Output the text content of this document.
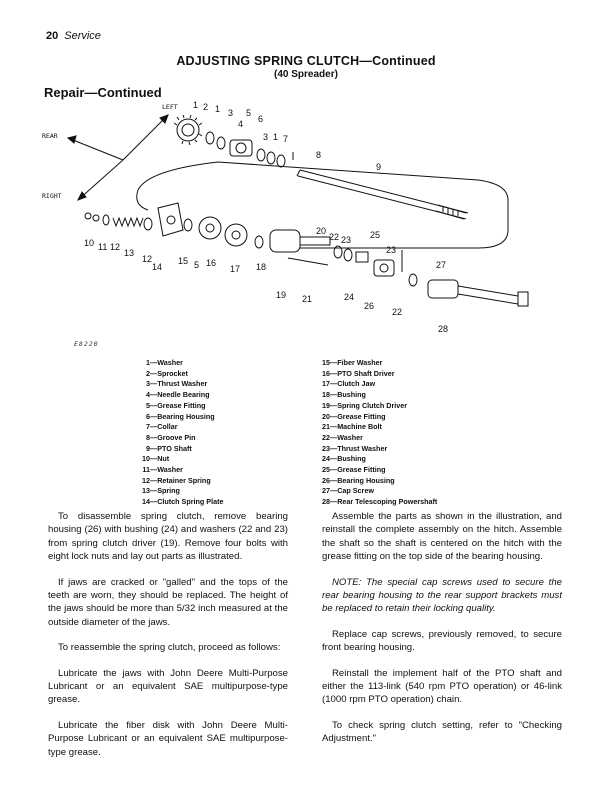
20 Service
ADJUSTING SPRING CLUTCH—Continued
(40 Spreader)
Repair—Continued
LEFT
REAR
RIGHT
1 2 1 3
4
5
6
3 1 7
8
9
10 11 12
13
12
14
15 5 16
17 18
19
20
22 23
21	24
25
23
26
27
22
28
E8220
1—Washer
2—Sprocket
3—Thrust Washer
4—Needle Bearing
5—Grease Fitting
6—Bearing Housing
7—Collar
8—Groove Pin
9—PTO Shaft
10—Nut
11—Washer
12—Retainer Spring
13—Spring
14—Clutch Spring Plate
15—Fiber Washer
16—PTO Shaft Driver
17—Clutch Jaw
18—Bushing
19—Spring Clutch Driver
20—Grease Fitting
21—Machine Bolt
22—Washer
23—Thrust Washer
24—Bushing
25—Grease Fitting
26—Bearing Housing
27—Cap Screw
28—Rear Telescoping Powershaft

To disassemble spring clutch, remove bearing housing (26) with bushing (24) and washers (22 and 23) from spring clutch driver (19). Remove four bolts with eight lock nuts and lay out parts as illustrated.

If jaws are cracked or "galled" and the tops of the teeth are worn, they should be replaced. The height of the jaws should be more than 5/32 inch measured at the outside diameter of the jaws.

To reassemble the spring clutch, proceed as follows:

Lubricate the jaws with John Deere Multi-Purpose Lubricant or an equivalent SAE multipurpose-type grease.

Lubricate the fiber disk with John Deere Multi-Purpose Lubricant or an equivalent SAE multipurpose-type grease.

Assemble the parts as shown in the illustration, and reinstall the complete assembly on the hitch. Assemble the shaft so the shaft is centered on the hitch with the grease fitting on the top side of the bearing housing.

NOTE: The special cap screws used to secure the rear bearing housing to the rear support brackets must be replaced to retain their locking quality.

Replace cap screws, previously removed, to secure front bearing housing.

Reinstall the implement half of the PTO shaft and either the 113-link (540 rpm PTO operation) or 46-link (1000 rpm PTO operation) chain.

To check spring clutch setting, refer to "Checking Adjustment."
